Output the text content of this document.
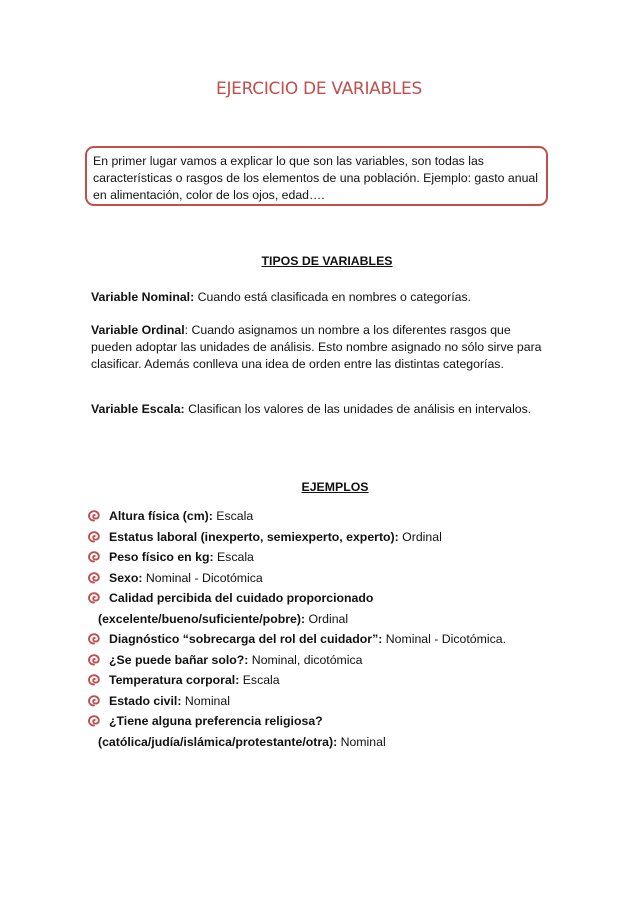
EJERCICIO DE VARIABLES
En primer lugar vamos a explicar lo que son las variables, son todas las características o rasgos de los elementos de una población. Ejemplo: gasto anual en alimentación, color de los ojos, edad….
TIPOS DE VARIABLES
Variable Nominal: Cuando está clasificada en nombres o categorías.
Variable Ordinal: Cuando asignamos un nombre a los diferentes rasgos que pueden adoptar las unidades de análisis. Esto nombre asignado no sólo sirve para clasificar. Además conlleva una idea de orden entre las distintas categorías.
Variable Escala: Clasifican los valores de las unidades de análisis en intervalos.
EJEMPLOS
Altura física (cm): Escala
Estatus laboral (inexperto, semiexperto, experto): Ordinal
Peso físico en kg: Escala
Sexo: Nominal - Dicotómica
Calidad percibida del cuidado proporcionado
(excelente/bueno/suficiente/pobre): Ordinal
Diagnóstico “sobrecarga del rol del cuidador”: Nominal - Dicotómica.
¿Se puede bañar solo?: Nominal, dicotómica
Temperatura corporal: Escala
Estado civil: Nominal
¿Tiene alguna preferencia religiosa?
(católica/judía/islámica/protestante/otra): Nominal
